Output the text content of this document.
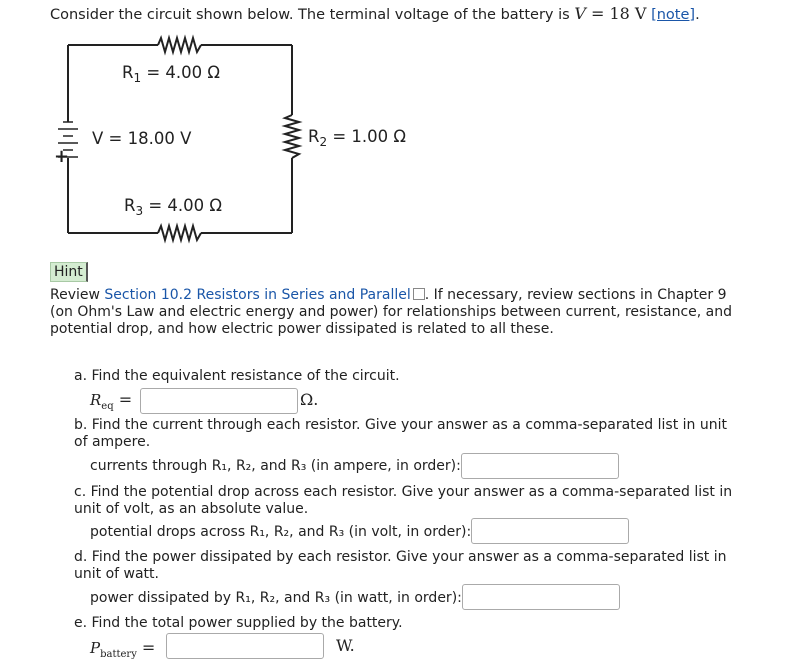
Consider the circuit shown below. The terminal voltage of the battery is V = 18 V [note].
+
$R_1 = 4.00$ Ω
V = 18.00 V	$R_2 = 1.00$ Ω
$R_3 = 4.00$ Ω
Hint
Review Section 10.2 Resistors in Series and Parallel . If necessary, review sections in Chapter 9 (on Ohm's Law and electric energy and power) for relationships between current, resistance, and potential drop, and how electric power dissipated is related to all these.
a. Find the equivalent resistance of the circuit.
$R_{eq}$ =	Ω.
b. Find the current through each resistor. Give your answer as a comma-separated list in unit of ampere.
currents through R₁, R₂, and R₃ (in ampere, in order):
c. Find the potential drop across each resistor. Give your answer as a comma-separated list in unit of volt, as an absolute value.
potential drops across R₁, R₂, and R₃ (in volt, in order):
d. Find the power dissipated by each resistor. Give your answer as a comma-separated list in unit of watt.
power dissipated by R₁, R₂, and R₃ (in watt, in order):
e. Find the total power supplied by the battery.
$P_{battery}$ =	W.
